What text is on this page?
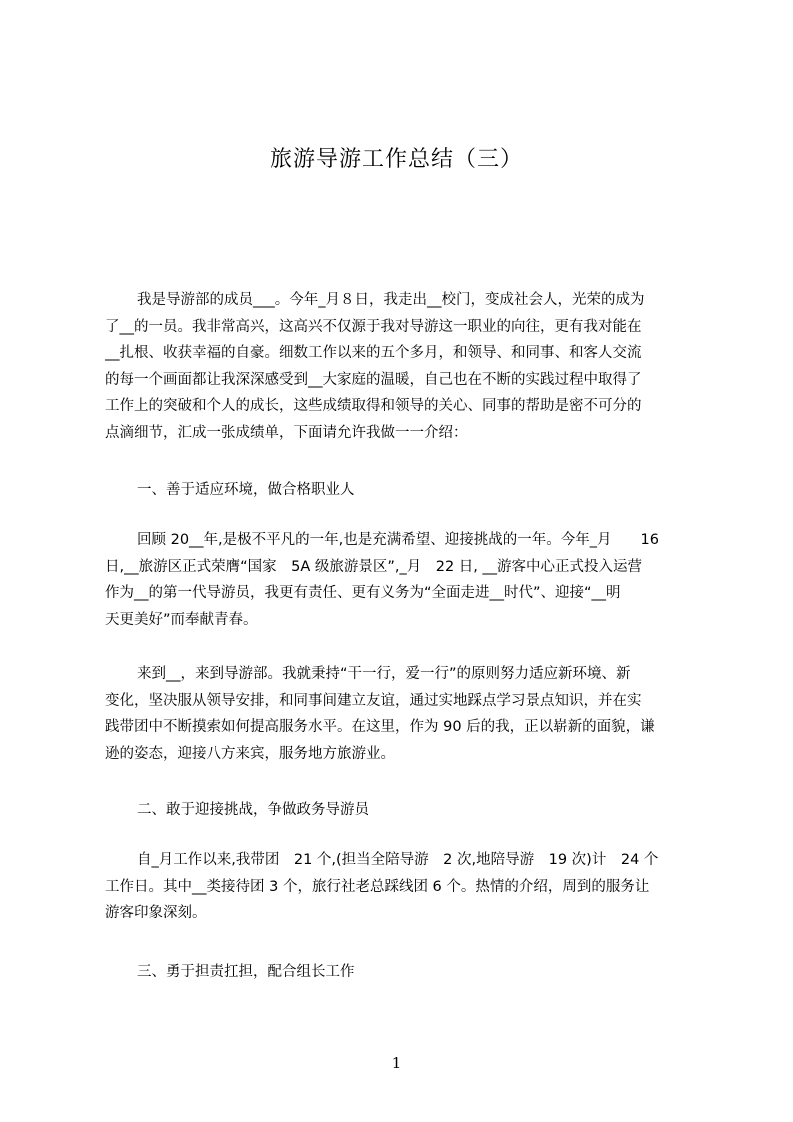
旅游导游工作总结（三）
我是导游部的成员___。今年_月８日，我走出__校门，变成社会人，光荣的成为
了__的一员。我非常高兴，这高兴不仅源于我对导游这一职业的向往，更有我对能在
__扎根、收获幸福的自豪。细数工作以来的五个多月，和领导、和同事、和客人交流
的每一个画面都让我深深感受到__大家庭的温暖，自己也在不断的实践过程中取得了
工作上的突破和个人的成长，这些成绩取得和领导的关心、同事的帮助是密不可分的
点滴细节，汇成一张成绩单，下面请允许我做一一介绍：
一、善于适应环境，做合格职业人
回顾 20__年,是极不平凡的一年,也是充满希望、迎接挑战的一年。今年_月　　16
日,__旅游区正式荣膺“国家　5A 级旅游景区”,_月　22 日, __游客中心正式投入运营
作为__的第一代导游员，我更有责任、更有义务为“全面走进__时代”、迎接“__明
天更美好”而奉献青春。
来到__，来到导游部。我就秉持“干一行，爱一行”的原则努力适应新环境、新
变化，坚决服从领导安排，和同事间建立友谊，通过实地踩点学习景点知识，并在实
践带团中不断摸索如何提高服务水平。在这里，作为 90 后的我，正以崭新的面貌，谦
逊的姿态，迎接八方来宾，服务地方旅游业。
二、敢于迎接挑战，争做政务导游员
自_月工作以来,我带团　21 个,(担当全陪导游　2 次,地陪导游　19 次)计　24 个
工作日。其中__类接待团 3 个，旅行社老总踩线团 6 个。热情的介绍，周到的服务让
游客印象深刻。
三、勇于担责扛担，配合组长工作
1
